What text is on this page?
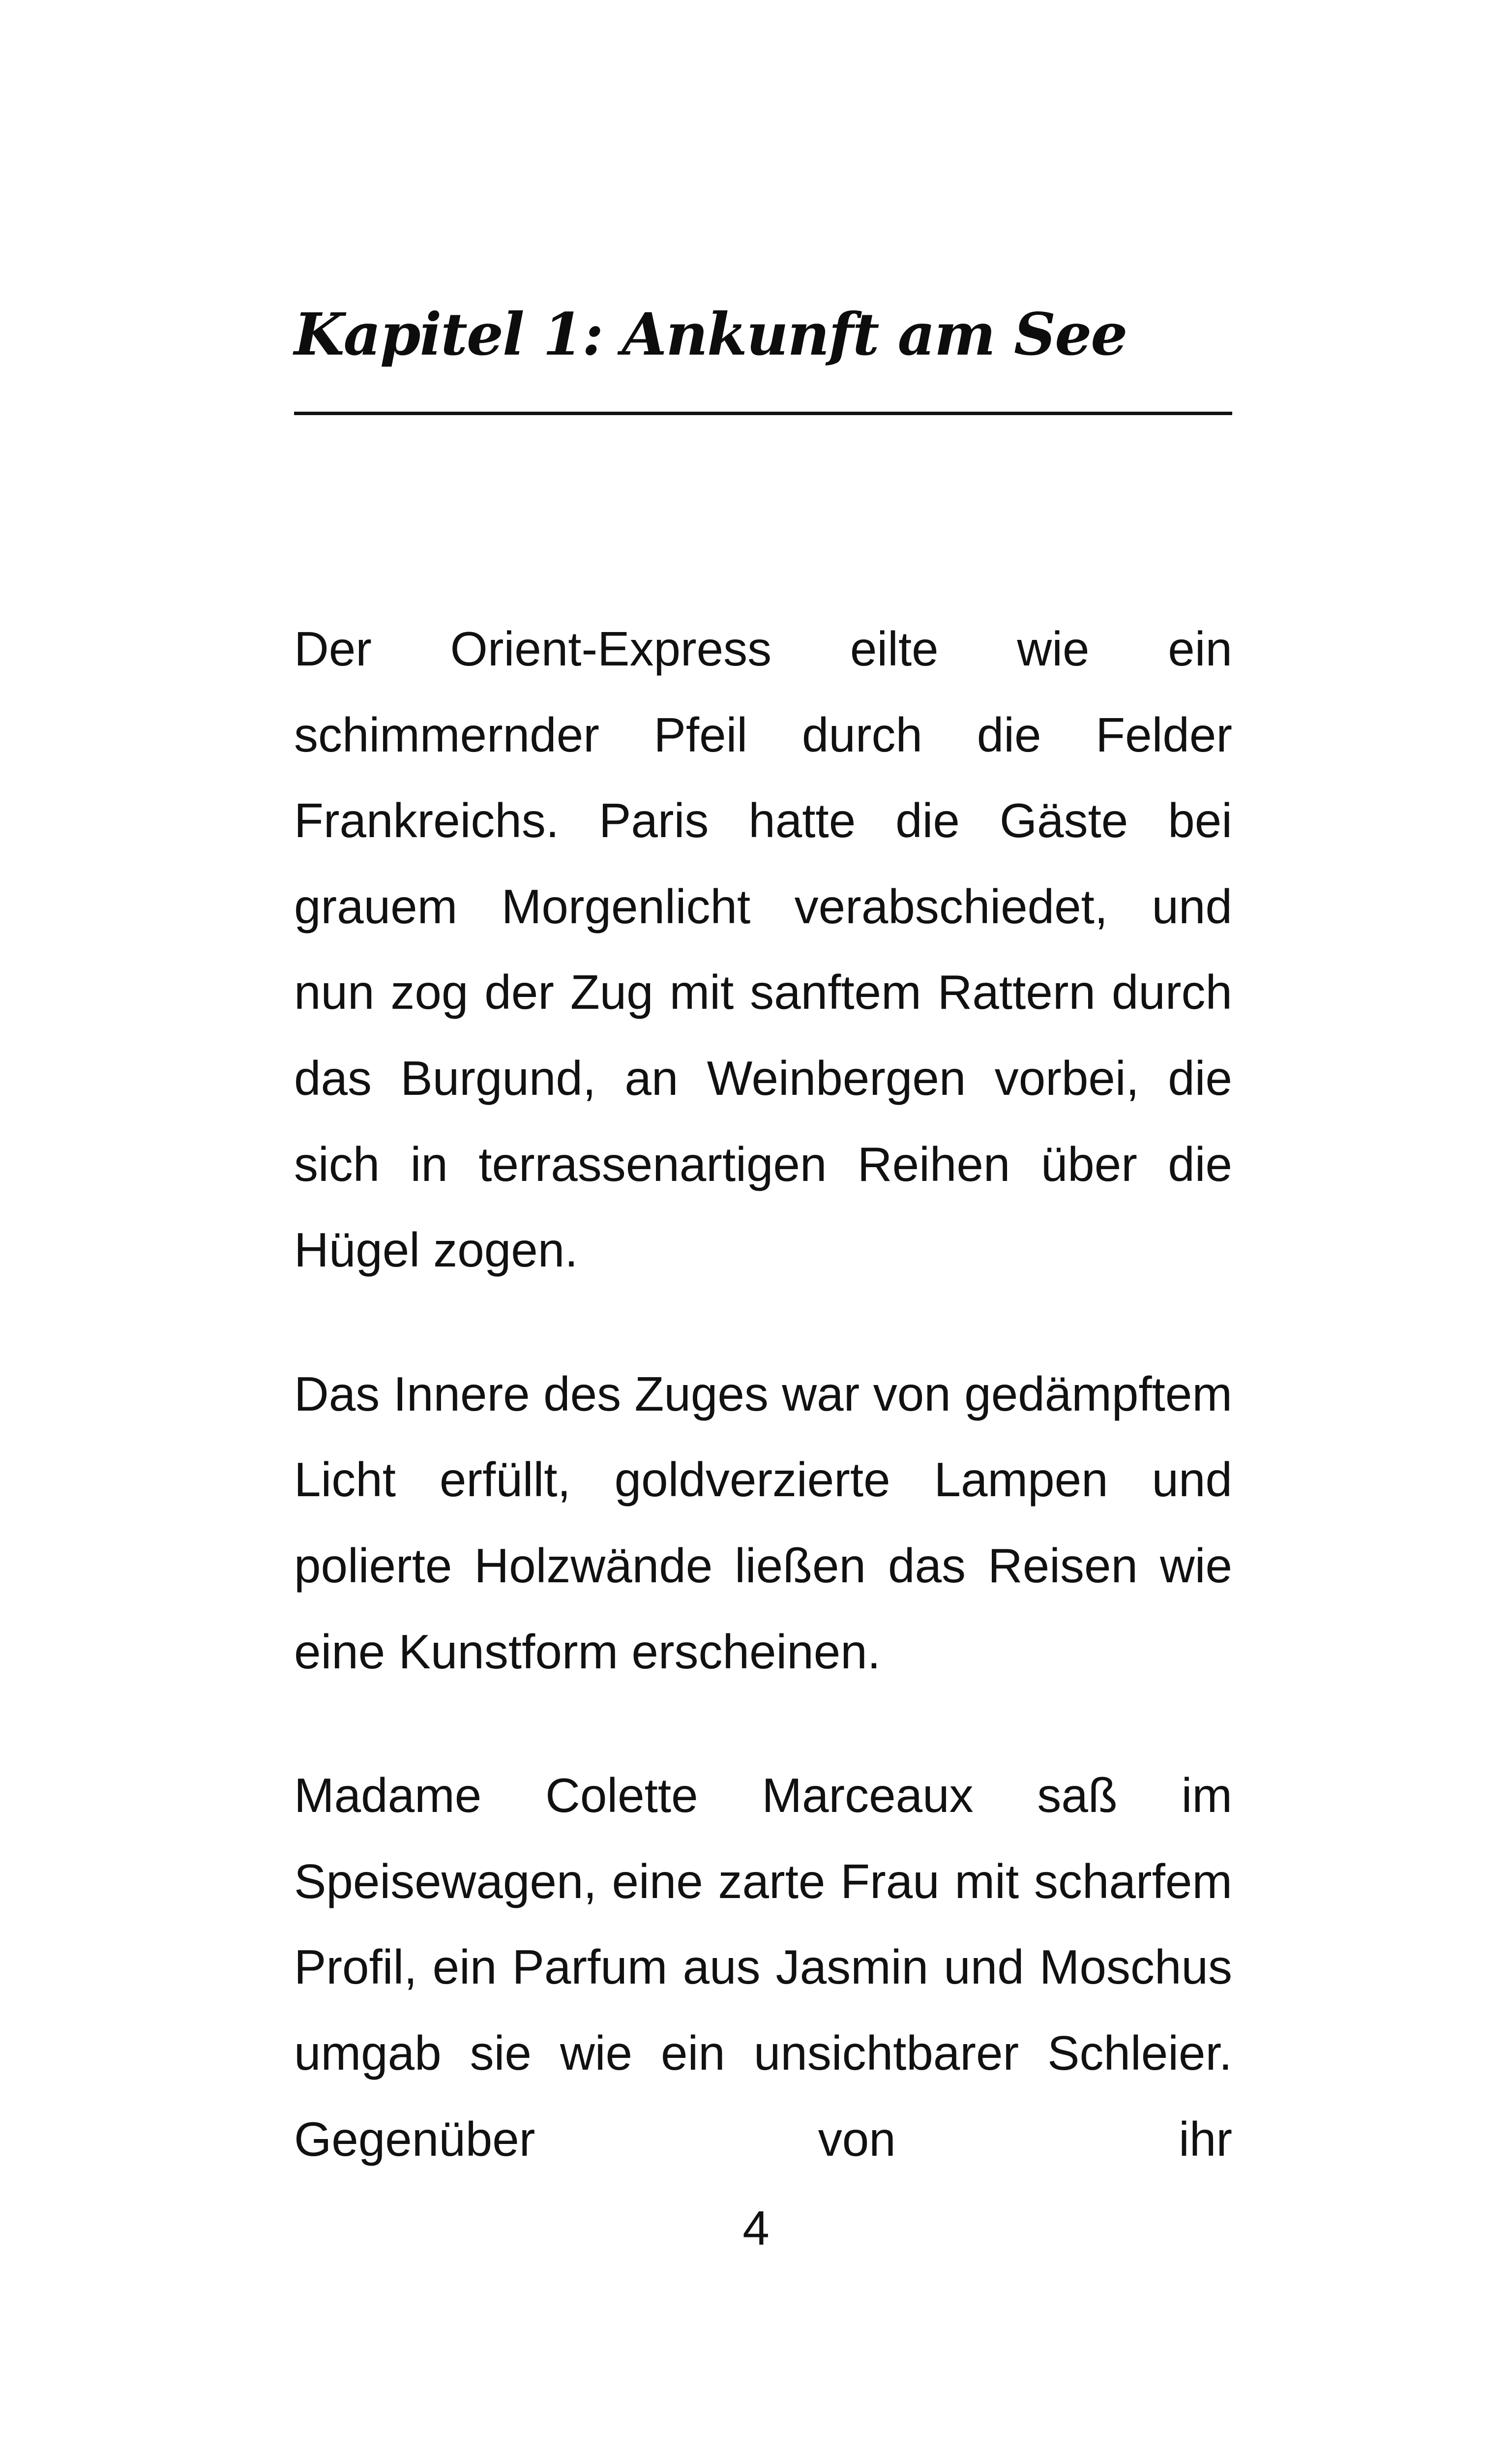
Kapitel 1: Ankunft am See

Der Orient-Express eilte wie ein schimmernder Pfeil durch die Felder Frankreichs. Paris hatte die Gäste bei grauem Morgenlicht verabschiedet, und nun zog der Zug mit sanftem Rattern durch das Burgund, an Weinbergen vorbei, die sich in terrassenartigen Reihen über die Hügel zogen.

Das Innere des Zuges war von gedämpftem Licht erfüllt, goldverzierte Lampen und polierte Holzwände ließen das Reisen wie eine Kunstform erscheinen.

Madame Colette Marceaux saß im Speisewagen, eine zarte Frau mit scharfem Profil, ein Parfum aus Jasmin und Moschus umgab sie wie ein unsichtbarer Schleier. Gegenüber von ihr

4
